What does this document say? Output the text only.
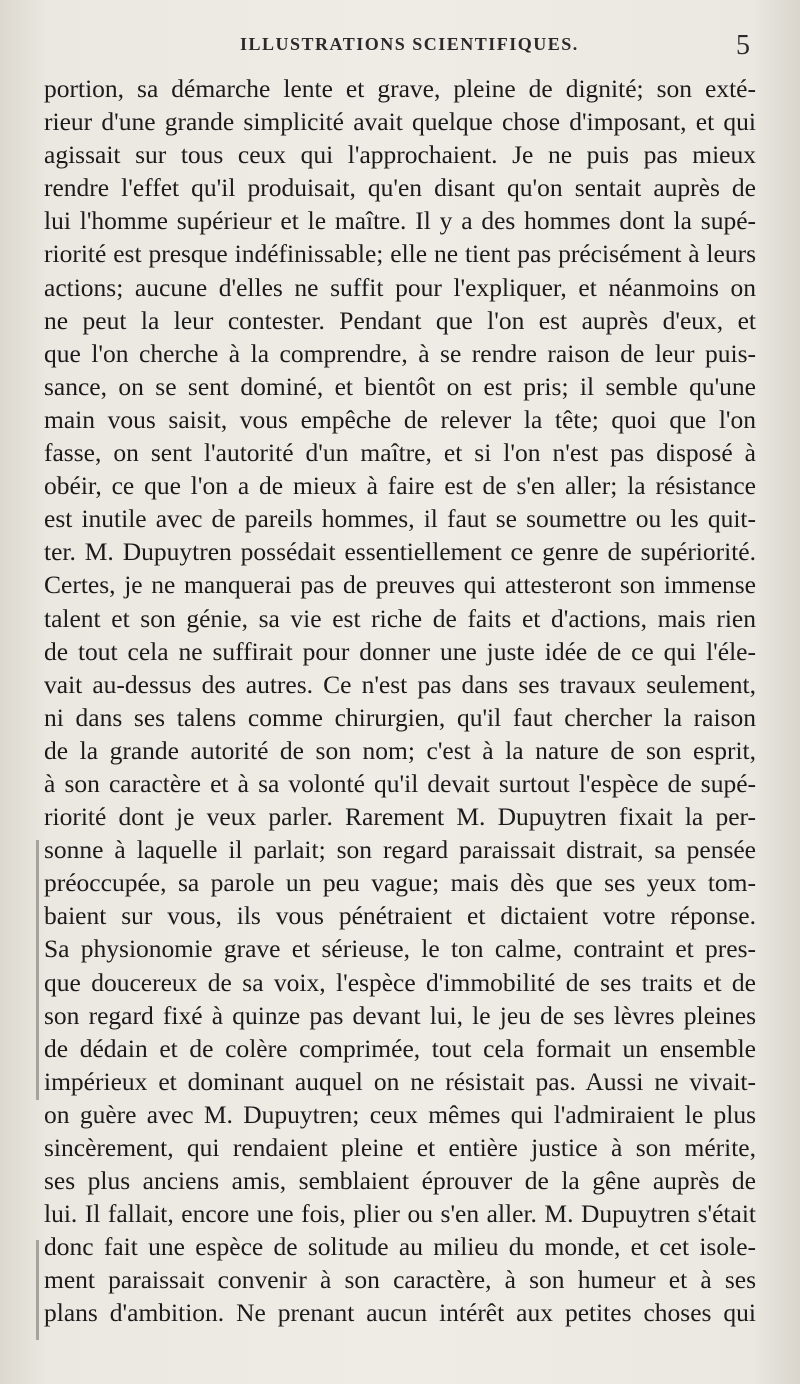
ILLUSTRATIONS SCIENTIFIQUES.	5
portion, sa démarche lente et grave, pleine de dignité; son exté-
rieur d'une grande simplicité avait quelque chose d'imposant, et qui
agissait sur tous ceux qui l'approchaient. Je ne puis pas mieux
rendre l'effet qu'il produisait, qu'en disant qu'on sentait auprès de
lui l'homme supérieur et le maître. Il y a des hommes dont la supé-
riorité est presque indéfinissable; elle ne tient pas précisément à leurs
actions; aucune d'elles ne suffit pour l'expliquer, et néanmoins on
ne peut la leur contester. Pendant que l'on est auprès d'eux, et
que l'on cherche à la comprendre, à se rendre raison de leur puis-
sance, on se sent dominé, et bientôt on est pris; il semble qu'une
main vous saisit, vous empêche de relever la tête; quoi que l'on
fasse, on sent l'autorité d'un maître, et si l'on n'est pas disposé à
obéir, ce que l'on a de mieux à faire est de s'en aller; la résistance
est inutile avec de pareils hommes, il faut se soumettre ou les quit-
ter. M. Dupuytren possédait essentiellement ce genre de supériorité.
Certes, je ne manquerai pas de preuves qui attesteront son immense
talent et son génie, sa vie est riche de faits et d'actions, mais rien
de tout cela ne suffirait pour donner une juste idée de ce qui l'éle-
vait au-dessus des autres. Ce n'est pas dans ses travaux seulement,
ni dans ses talens comme chirurgien, qu'il faut chercher la raison
de la grande autorité de son nom; c'est à la nature de son esprit,
à son caractère et à sa volonté qu'il devait surtout l'espèce de supé-
riorité dont je veux parler. Rarement M. Dupuytren fixait la per-
sonne à laquelle il parlait; son regard paraissait distrait, sa pensée
préoccupée, sa parole un peu vague; mais dès que ses yeux tom-
baient sur vous, ils vous pénétraient et dictaient votre réponse.
Sa physionomie grave et sérieuse, le ton calme, contraint et pres-
que doucereux de sa voix, l'espèce d'immobilité de ses traits et de
son regard fixé à quinze pas devant lui, le jeu de ses lèvres pleines
de dédain et de colère comprimée, tout cela formait un ensemble
impérieux et dominant auquel on ne résistait pas. Aussi ne vivait-
on guère avec M. Dupuytren; ceux mêmes qui l'admiraient le plus
sincèrement, qui rendaient pleine et entière justice à son mérite,
ses plus anciens amis, semblaient éprouver de la gêne auprès de
lui. Il fallait, encore une fois, plier ou s'en aller. M. Dupuytren s'était
donc fait une espèce de solitude au milieu du monde, et cet isole-
ment paraissait convenir à son caractère, à son humeur et à ses
plans d'ambition. Ne prenant aucun intérêt aux petites choses qui
